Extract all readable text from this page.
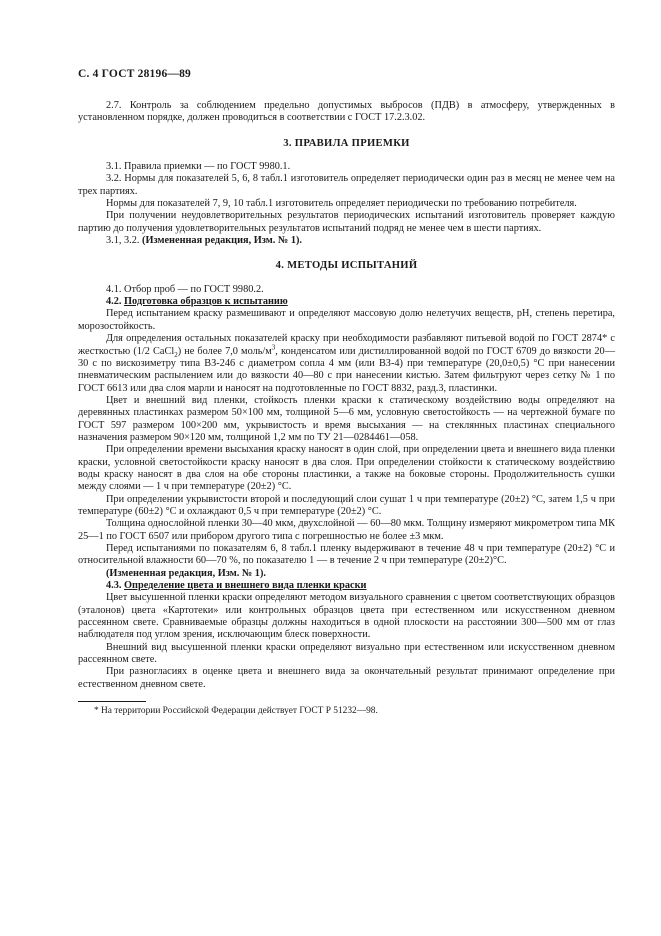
С. 4 ГОСТ 28196—89

2.7. Контроль за соблюдением предельно допустимых выбросов (ПДВ) в атмосферу, утвержденных в установленном порядке, должен проводиться в соответствии с ГОСТ 17.2.3.02.

3. ПРАВИЛА ПРИЕМКИ

3.1. Правила приемки — по ГОСТ 9980.1.

3.2. Нормы для показателей 5, 6, 8 табл.1 изготовитель определяет периодически один раз в месяц не менее чем на трех партиях.

Нормы для показателей 7, 9, 10 табл.1 изготовитель определяет периодически по требованию потребителя.

При получении неудовлетворительных результатов периодических испытаний изготовитель проверяет каждую партию до получения удовлетворительных результатов испытаний подряд не менее чем в шести партиях.

3.1, 3.2. (Измененная редакция, Изм. № 1).

4. МЕТОДЫ ИСПЫТАНИЙ

4.1. Отбор проб — по ГОСТ 9980.2.

4.2. Подготовка образцов к испытанию

Перед испытанием краску размешивают и определяют массовую долю нелетучих веществ, pH, степень перетира, морозостойкость.

Для определения остальных показателей краску при необходимости разбавляют питьевой водой по ГОСТ 2874* с жесткостью (1/2 CaCl$_2$) не более 7,0 моль/$м^3$, конденсатом или дистиллированной водой по ГОСТ 6709 до вязкости 20—30 с по вискозиметру типа ВЗ-246 с диаметром сопла 4 мм (или ВЗ-4) при температуре (20,0±0,5) °С при нанесении пневматическим распылением или до вязкости 40—80 с при нанесении кистью. Затем фильтруют через сетку № 1 по ГОСТ 6613 или два слоя марли и наносят на подготовленные по ГОСТ 8832, разд.3, пластинки.

Цвет и внешний вид пленки, стойкость пленки краски к статическому воздействию воды определяют на деревянных пластинках размером 50×100 мм, толщиной 5—6 мм, условную светостойкость — на чертежной бумаге по ГОСТ 597 размером 100×200 мм, укрывистость и время высыхания — на стеклянных пластинах специального назначения размером 90×120 мм, толщиной 1,2 мм по ТУ 21—0284461—058.

При определении времени высыхания краску наносят в один слой, при определении цвета и внешнего вида пленки краски, условной светостойкости краску наносят в два слоя. При определении стойкости к статическому воздействию воды краску наносят в два слоя на обе стороны пластинки, а также на боковые стороны. Продолжительность сушки между слоями — 1 ч при температуре (20±2) °С.

При определении укрывистости второй и последующий слои сушат 1 ч при температуре (20±2) °С, затем 1,5 ч при температуре (60±2) °С и охлаждают 0,5 ч при температуре (20±2) °С.

Толщина однослойной пленки 30—40 мкм, двухслойной — 60—80 мкм. Толщину измеряют микрометром типа МК 25—1 по ГОСТ 6507 или прибором другого типа с погрешностью не более ±3 мкм.

Перед испытаниями по показателям 6, 8 табл.1 пленку выдерживают в течение 48 ч при температуре (20±2) °С и относительной влажности 60—70 %, по показателю 1 — в течение 2 ч при температуре (20±2)°С.

(Измененная редакция, Изм. № 1).

4.3. Определение цвета и внешнего вида пленки краски

Цвет высушенной пленки краски определяют методом визуального сравнения с цветом соответствующих образцов (эталонов) цвета «Картотеки» или контрольных образцов цвета при естественном или искусственном дневном рассеянном свете. Сравниваемые образцы должны находиться в одной плоскости на расстоянии 300—500 мм от глаз наблюдателя под углом зрения, исключающим блеск поверхности.

Внешний вид высушенной пленки краски определяют визуально при естественном или искусственном дневном рассеянном свете.

При разногласиях в оценке цвета и внешнего вида за окончательный результат принимают определение при естественном дневном свете.

* На территории Российской Федерации действует ГОСТ Р 51232—98.
